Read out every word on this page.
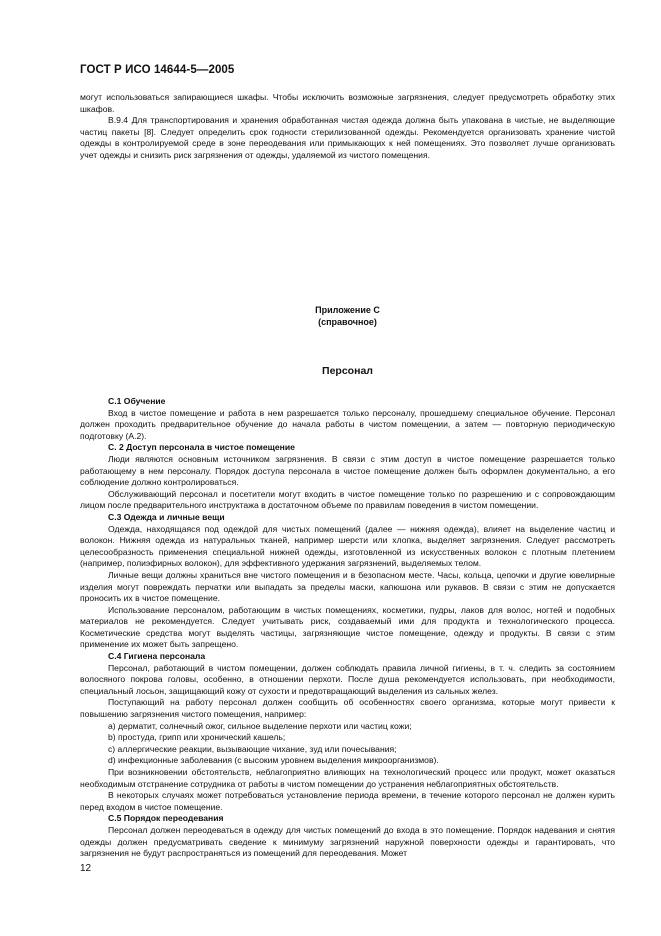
ГОСТ Р ИСО 14644-5—2005

могут использоваться запирающиеся шкафы. Чтобы исключить возможные загрязнения, следует предусмотреть обработку этих шкафов.

В.9.4 Для транспортирования и хранения обработанная чистая одежда должна быть упакована в чистые, не выделяющие частиц пакеты [8]. Следует определить срок годности стерилизованной одежды. Рекомендуется организовать хранение чистой одежды в контролируемой среде в зоне переодевания или примыкающих к ней помещениях. Это позволяет лучше организовать учет одежды и снизить риск загрязнения от одежды, удаляемой из чистого помещения.

Приложение С
(справочное)
Персонал

С.1 Обучение

Вход в чистое помещение и работа в нем разрешается только персоналу, прошедшему специальное обучение. Персонал должен проходить предварительное обучение до начала работы в чистом помещении, а затем — повторную периодическую подготовку (А.2).

С. 2 Доступ персонала в чистое помещение

Люди являются основным источником загрязнения. В связи с этим доступ в чистое помещение разрешается только работающему в нем персоналу. Порядок доступа персонала в чистое помещение должен быть оформлен документально, а его соблюдение должно контролироваться.

Обслуживающий персонал и посетители могут входить в чистое помещение только по разрешению и с сопровождающим лицом после предварительного инструктажа в достаточном объеме по правилам поведения в чистом помещении.

С.3 Одежда и личные вещи

Одежда, находящаяся под одеждой для чистых помещений (далее — нижняя одежда), влияет на выделение частиц и волокон. Нижняя одежда из натуральных тканей, например шерсти или хлопка, выделяет загрязнения. Следует рассмотреть целесообразность применения специальной нижней одежды, изготовленной из искусственных волокон с плотным плетением (например, полиэфирных волокон), для эффективного удержания загрязнений, выделяемых телом.

Личные вещи должны храниться вне чистого помещения и в безопасном месте. Часы, кольца, цепочки и другие ювелирные изделия могут повреждать перчатки или выпадать за пределы маски, капюшона или рукавов. В связи с этим не допускается проносить их в чистое помещение.

Использование персоналом, работающим в чистых помещениях, косметики, пудры, лаков для волос, ногтей и подобных материалов не рекомендуется. Следует учитывать риск, создаваемый ими для продукта и технологического процесса. Косметические средства могут выделять частицы, загрязняющие чистое помещение, одежду и продукты. В связи с этим применение их может быть запрещено.

С.4 Гигиена персонала

Персонал, работающий в чистом помещении, должен соблюдать правила личной гигиены, в т. ч. следить за состоянием волосяного покрова головы, особенно, в отношении перхоти. После душа рекомендуется использовать, при необходимости, специальный лосьон, защищающий кожу от сухости и предотвращающий выделения из сальных желез.

Поступающий на работу персонал должен сообщить об особенностях своего организма, которые могут привести к повышению загрязнения чистого помещения, например:

а) дерматит, солнечный ожог, сильное выделение перхоти или частиц кожи;

b) простуда, грипп или хронический кашель;

с) аллергические реакции, вызывающие чихание, зуд или почесывания;

d) инфекционные заболевания (с высоким уровнем выделения микроорганизмов).

При возникновении обстоятельств, неблагоприятно влияющих на технологический процесс или продукт, может оказаться необходимым отстранение сотрудника от работы в чистом помещении до устранения неблагоприятных обстоятельств.

В некоторых случаях может потребоваться установление периода времени, в течение которого персонал не должен курить перед входом в чистое помещение.

С.5 Порядок переодевания

Персонал должен переодеваться в одежду для чистых помещений до входа в это помещение. Порядок надевания и снятия одежды должен предусматривать сведение к минимуму загрязнений наружной поверхности одежды и гарантировать, что загрязнения не будут распространяться из помещений для переодевания. Может

12
